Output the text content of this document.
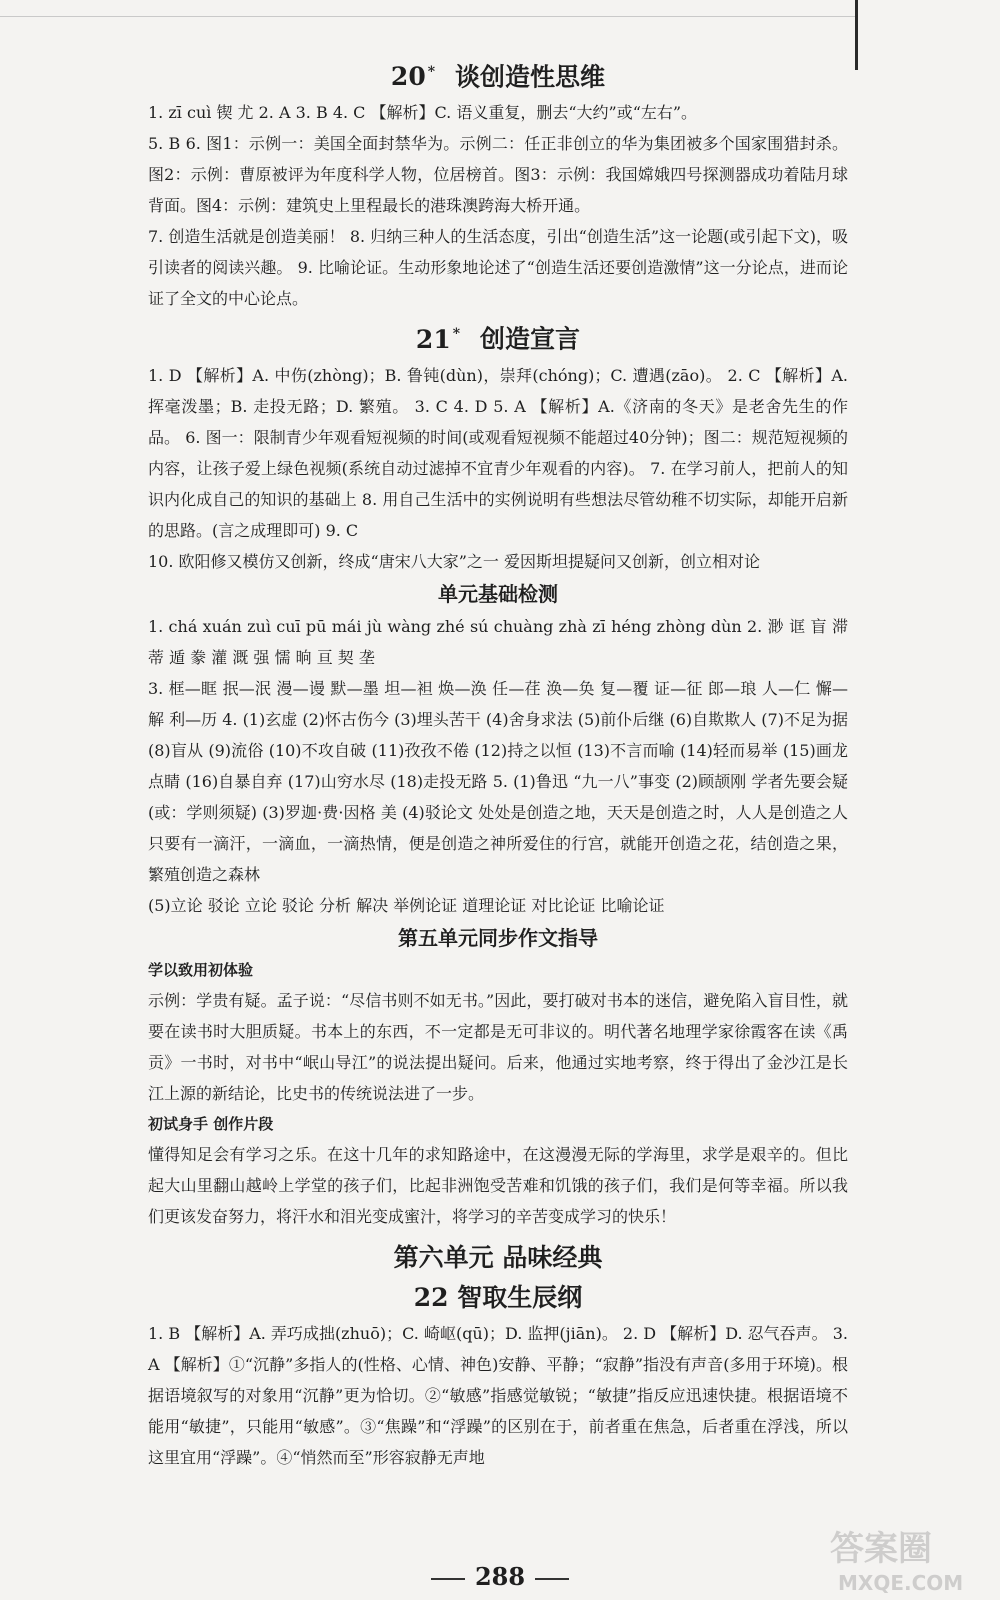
20 * 谈创造性思维

1. zī cuì 锲 尤 2. A 3. B 4. C 【解析】C. 语义重复，删去“大约”或“左右”。

5. B 6. 图1：示例一：美国全面封禁华为。示例二：任正非创立的华为集团被多个国家围猎封杀。图2：示例：曹原被评为年度科学人物，位居榜首。图3：示例：我国嫦娥四号探测器成功着陆月球背面。图4：示例：建筑史上里程最长的港珠澳跨海大桥开通。

7. 创造生活就是创造美丽！ 8. 归纳三种人的生活态度，引出“创造生活”这一论题(或引起下文)，吸引读者的阅读兴趣。 9. 比喻论证。生动形象地论述了“创造生活还要创造激情”这一分论点，进而论证了全文的中心论点。

21 * 创造宣言

1. D 【解析】A. 中伤(zhòng)；B. 鲁钝(dùn)，崇拜(chóng)；C. 遭遇(zāo)。 2. C 【解析】A. 挥毫泼墨；B. 走投无路；D. 繁殖。 3. C 4. D 5. A 【解析】A.《济南的冬天》是老舍先生的作品。 6. 图一：限制青少年观看短视频的时间(或观看短视频不能超过40分钟)；图二：规范短视频的内容，让孩子爱上绿色视频(系统自动过滤掉不宜青少年观看的内容)。 7. 在学习前人，把前人的知识内化成自己的知识的基础上 8. 用自己生活中的实例说明有些想法尽管幼稚不切实际，却能开启新的思路。(言之成理即可) 9. C

10. 欧阳修又模仿又创新，终成“唐宋八大家”之一 爱因斯坦提疑问又创新，创立相对论

单元基础检测

1. chá xuán zuì cuī pū mái jù wàng zhé sú chuàng zhà zī héng zhòng dùn 2. 渺 诓 盲 滞 蒂 遁 豢 灌 溉 强 懦 晌 亘 契 垄

3. 框—眶 抿—泯 漫—谩 默—墨 坦—袒 焕—涣 任—荏 涣—奂 复—覆 证—征 郎—琅 人—仁 懈—解 利—历 4. (1)玄虚 (2)怀古伤今 (3)埋头苦干 (4)舍身求法 (5)前仆后继 (6)自欺欺人 (7)不足为据 (8)盲从 (9)流俗 (10)不攻自破 (11)孜孜不倦 (12)持之以恒 (13)不言而喻 (14)轻而易举 (15)画龙点睛 (16)自暴自弃 (17)山穷水尽 (18)走投无路 5. (1)鲁迅 “九一八”事变 (2)顾颉刚 学者先要会疑(或：学则须疑) (3)罗迦·费·因格 美 (4)驳论文 处处是创造之地，天天是创造之时，人人是创造之人 只要有一滴汗，一滴血，一滴热情，便是创造之神所爱住的行宫，就能开创造之花，结创造之果，繁殖创造之森林

(5)立论 驳论 立论 驳论 分析 解决 举例论证 道理论证 对比论证 比喻论证

第五单元同步作文指导

学以致用初体验

示例：学贵有疑。孟子说：“尽信书则不如无书。”因此，要打破对书本的迷信，避免陷入盲目性，就要在读书时大胆质疑。书本上的东西，不一定都是无可非议的。明代著名地理学家徐霞客在读《禹贡》一书时，对书中“岷山导江”的说法提出疑问。后来，他通过实地考察，终于得出了金沙江是长江上源的新结论，比史书的传统说法进了一步。

初试身手 创作片段

懂得知足会有学习之乐。在这十几年的求知路途中，在这漫漫无际的学海里，求学是艰辛的。但比起大山里翻山越岭上学堂的孩子们，比起非洲饱受苦难和饥饿的孩子们，我们是何等幸福。所以我们更该发奋努力，将汗水和泪光变成蜜汁，将学习的辛苦变成学习的快乐！

第六单元 品味经典
22 智取生辰纲

1. B 【解析】A. 弄巧成拙(zhuō)；C. 崎岖(qū)；D. 监押(jiān)。 2. D 【解析】D. 忍气吞声。 3. A 【解析】①“沉静”多指人的(性格、心情、神色)安静、平静；“寂静”指没有声音(多用于环境)。根据语境叙写的对象用“沉静”更为恰切。②“敏感”指感觉敏锐；“敏捷”指反应迅速快捷。根据语境不能用“敏捷”，只能用“敏感”。③“焦躁”和“浮躁”的区别在于，前者重在焦急，后者重在浮浅，所以这里宜用“浮躁”。④“悄然而至”形容寂静无声地

答案圈
MXQE.COM
288
